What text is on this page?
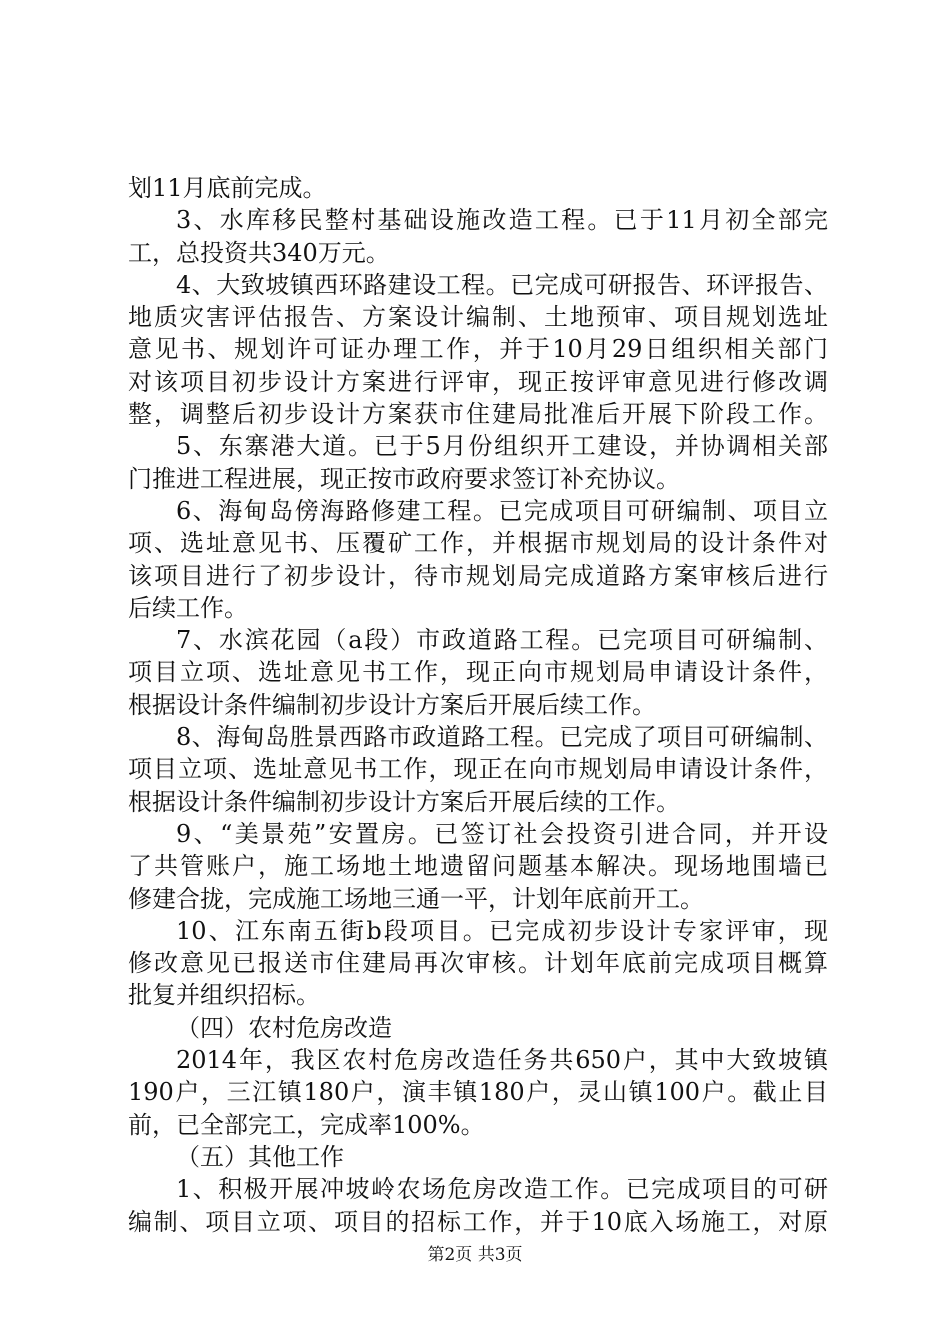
划11月底前完成。
3、水库移民整村基础设施改造工程。已于11月初全部完
工，总投资共340万元。
4、大致坡镇西环路建设工程。已完成可研报告、环评报告、
地质灾害评估报告、方案设计编制、土地预审、项目规划选址
意见书、规划许可证办理工作，并于10月29日组织相关部门
对该项目初步设计方案进行评审，现正按评审意见进行修改调
整，调整后初步设计方案获市住建局批准后开展下阶段工作。
5、东寨港大道。已于5月份组织开工建设，并协调相关部
门推进工程进展，现正按市政府要求签订补充协议。
6、海甸岛傍海路修建工程。已完成项目可研编制、项目立
项、选址意见书、压覆矿工作，并根据市规划局的设计条件对
该项目进行了初步设计，待市规划局完成道路方案审核后进行
后续工作。
7、水滨花园（a段）市政道路工程。已完项目可研编制、
项目立项、选址意见书工作，现正向市规划局申请设计条件，
根据设计条件编制初步设计方案后开展后续工作。
8、海甸岛胜景西路市政道路工程。已完成了项目可研编制、
项目立项、选址意见书工作，现正在向市规划局申请设计条件，
根据设计条件编制初步设计方案后开展后续的工作。
9、“美景苑”安置房。已签订社会投资引进合同，并开设
了共管账户，施工场地土地遗留问题基本解决。现场地围墙已
修建合拢，完成施工场地三通一平，计划年底前开工。
10、江东南五街b段项目。已完成初步设计专家评审，现
修改意见已报送市住建局再次审核。计划年底前完成项目概算
批复并组织招标。
（四）农村危房改造
2014年，我区农村危房改造任务共650户，其中大致坡镇
190户，三江镇180户，演丰镇180户，灵山镇100户。截止目
前，已全部完工，完成率100%。
（五）其他工作
1、积极开展冲坡岭农场危房改造工作。已完成项目的可研
编制、项目立项、项目的招标工作，并于10底入场施工，对原
第2页 共3页
